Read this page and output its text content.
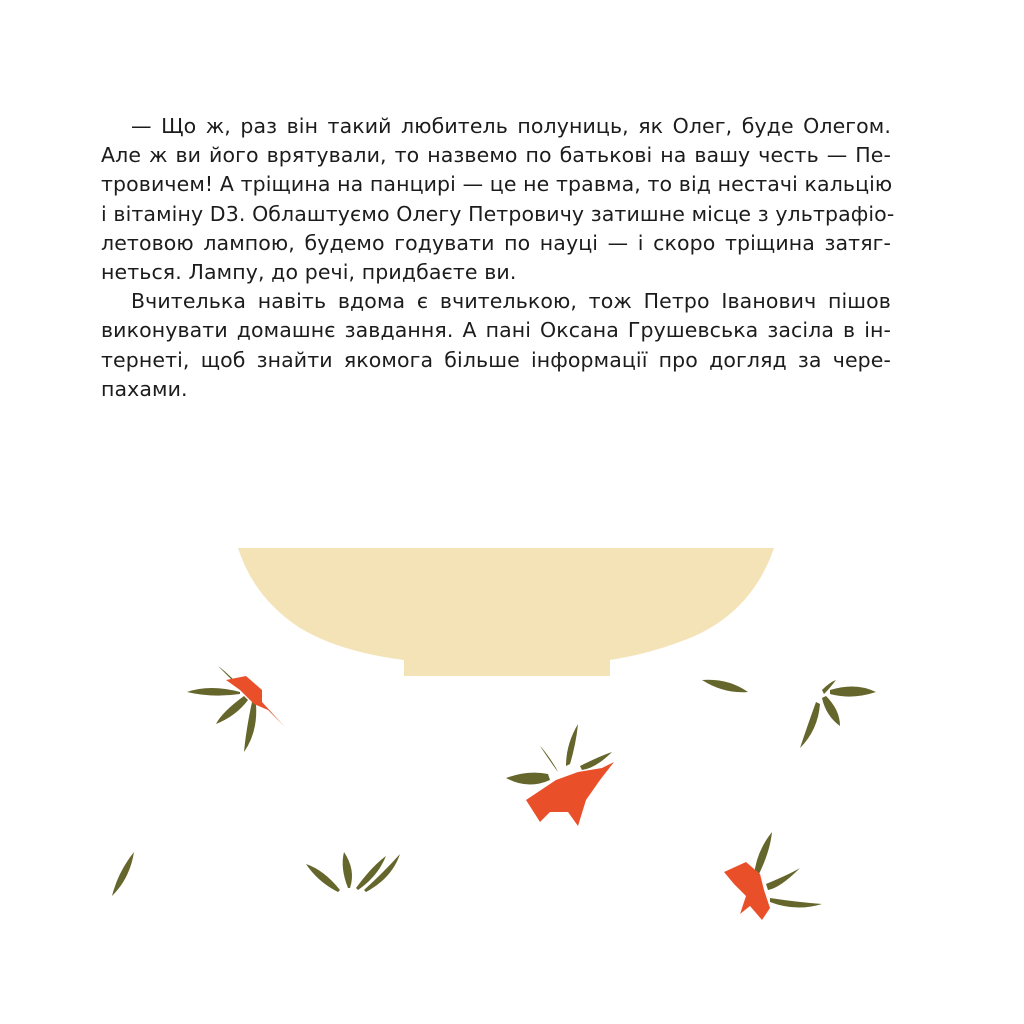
— Що ж, раз він такий любитель полуниць, як Олег, буде Олегом.
Але ж ви його врятували, то назвемо по батькові на вашу честь — Пе-
тровичем! А тріщина на панцирі — це не травма, то від нестачі кальцію
і вітаміну D3. Облаштуємо Олегу Петровичу затишне місце з ультрафіо-
летовою лампою, будемо годувати по науці — і скоро тріщина затяг-
неться. Лампу, до речі, придбаєте ви.
Вчителька навіть вдома є вчителькою, тож Петро Іванович пішов
виконувати домашнє завдання. А пані Оксана Грушевська засіла в ін-
тернеті, щоб знайти якомога більше інформації про догляд за чере-
пахами.
